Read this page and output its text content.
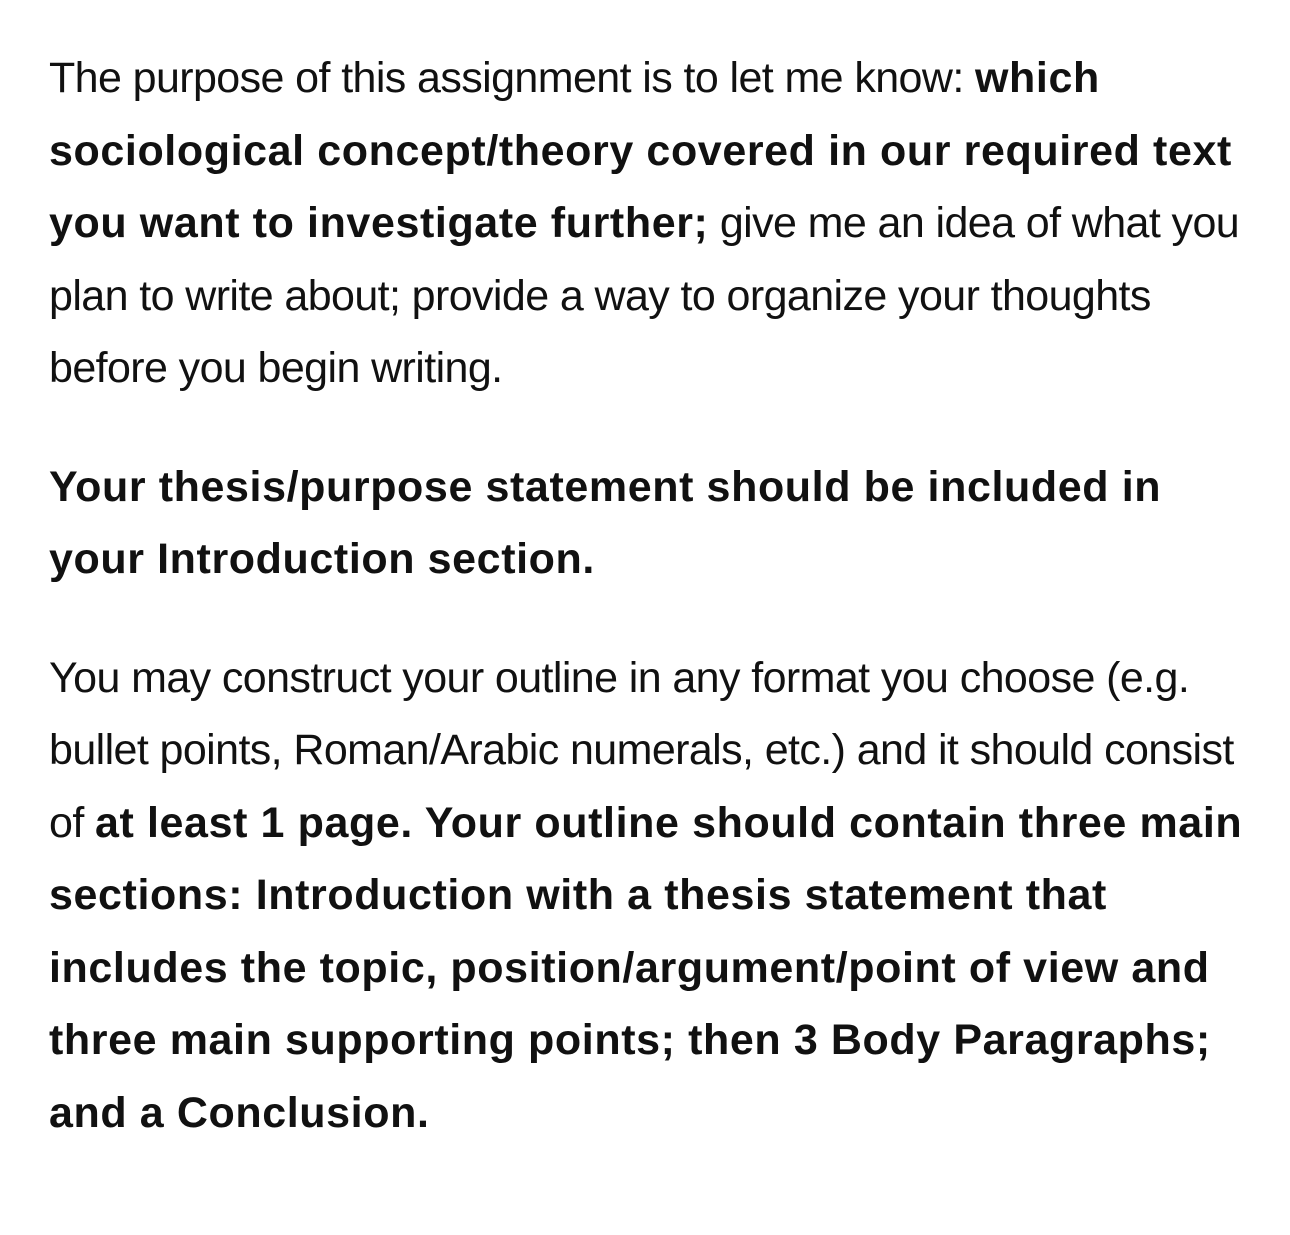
The purpose of this assignment is to let me know: which sociological concept/theory covered in our required text you want to investigate further; give me an idea of what you plan to write about; provide a way to organize your thoughts before you begin writing.

Your thesis/purpose statement should be included in your Introduction section.

You may construct your outline in any format you choose (e.g. bullet points, Roman/Arabic numerals, etc.) and it should consist of at least 1 page. Your outline should contain three main sections: Introduction with a thesis statement that includes the topic, position/argument/point of view and three main supporting points; then 3 Body Paragraphs; and a Conclusion.
